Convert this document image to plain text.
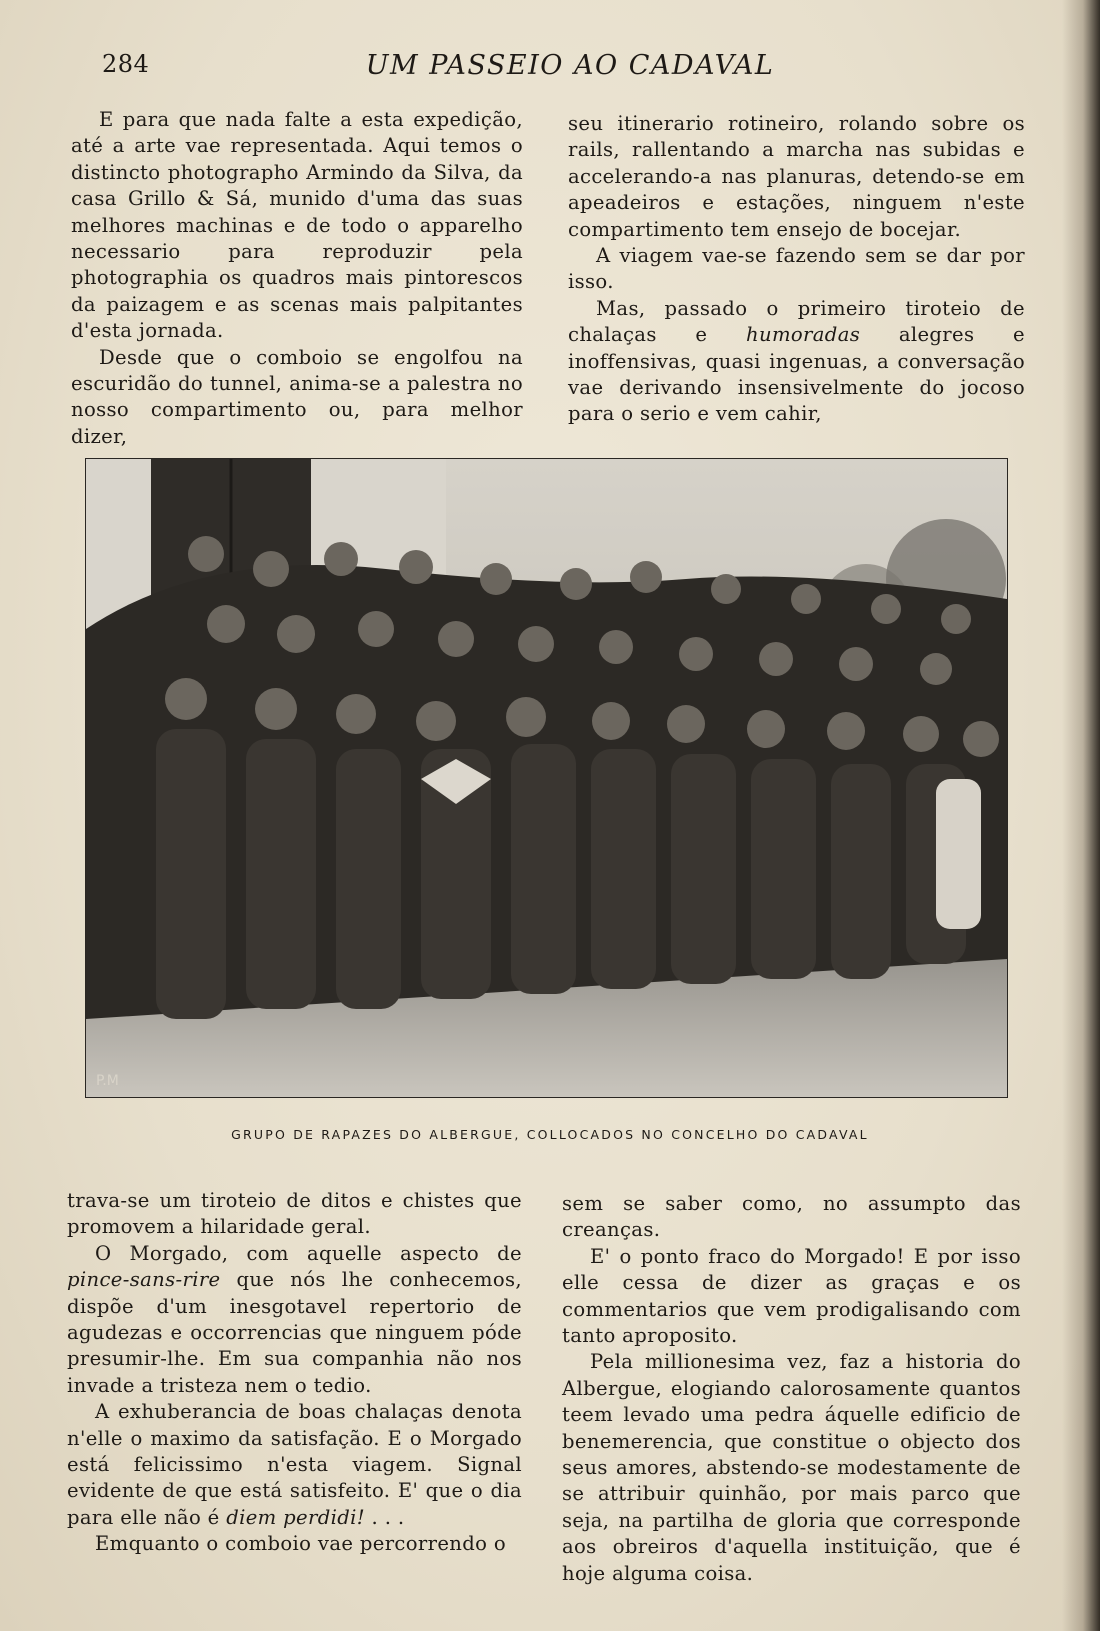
284	UM PASSEIO AO CADAVAL

E para que nada falte a esta expedição, até a arte vae representada. Aqui temos o distincto photographo Armindo da Silva, da casa Grillo & Sá, munido d'uma das suas melhores machinas e de todo o apparelho necessario para reproduzir pela photographia os quadros mais pintorescos da paizagem e as scenas mais palpitantes d'esta jornada.

Desde que o comboio se engolfou na escuridão do tunnel, anima-se a palestra no nosso compartimento ou, para melhor dizer,

seu itinerario rotineiro, rolando sobre os rails, rallentando a marcha nas subidas e accelerando-a nas planuras, detendo-se em apeadeiros e estações, ninguem n'este compartimento tem ensejo de bocejar.

A viagem vae-se fazendo sem se dar por isso.

Mas, passado o primeiro tiroteio de chalaças e humoradas alegres e inoffensivas, quasi ingenuas, a conversação vae derivando insensivelmente do jocoso para o serio e vem cahir,

P.M
GRUPO DE RAPAZES DO ALBERGUE, COLLOCADOS NO CONCELHO DO CADAVAL

trava-se um tiroteio de ditos e chistes que promovem a hilaridade geral.

O Morgado, com aquelle aspecto de pince-sans-rire que nós lhe conhecemos, dispõe d'um inesgotavel repertorio de agudezas e occorrencias que ninguem póde presumir-lhe. Em sua companhia não nos invade a tristeza nem o tedio.

A exhuberancia de boas chalaças denota n'elle o maximo da satisfação. E o Morgado está felicissimo n'esta viagem. Signal evidente de que está satisfeito. E' que o dia para elle não é diem perdidi! . . .

Emquanto o comboio vae percorrendo o

sem se saber como, no assumpto das creanças.

E' o ponto fraco do Morgado! E por isso elle cessa de dizer as graças e os commentarios que vem prodigalisando com tanto aproposito.

Pela millionesima vez, faz a historia do Albergue, elogiando calorosamente quantos teem levado uma pedra áquelle edificio de benemerencia, que constitue o objecto dos seus amores, abstendo-se modestamente de se attribuir quinhão, por mais parco que seja, na partilha de gloria que corresponde aos obreiros d'aquella instituição, que é hoje alguma coisa.
